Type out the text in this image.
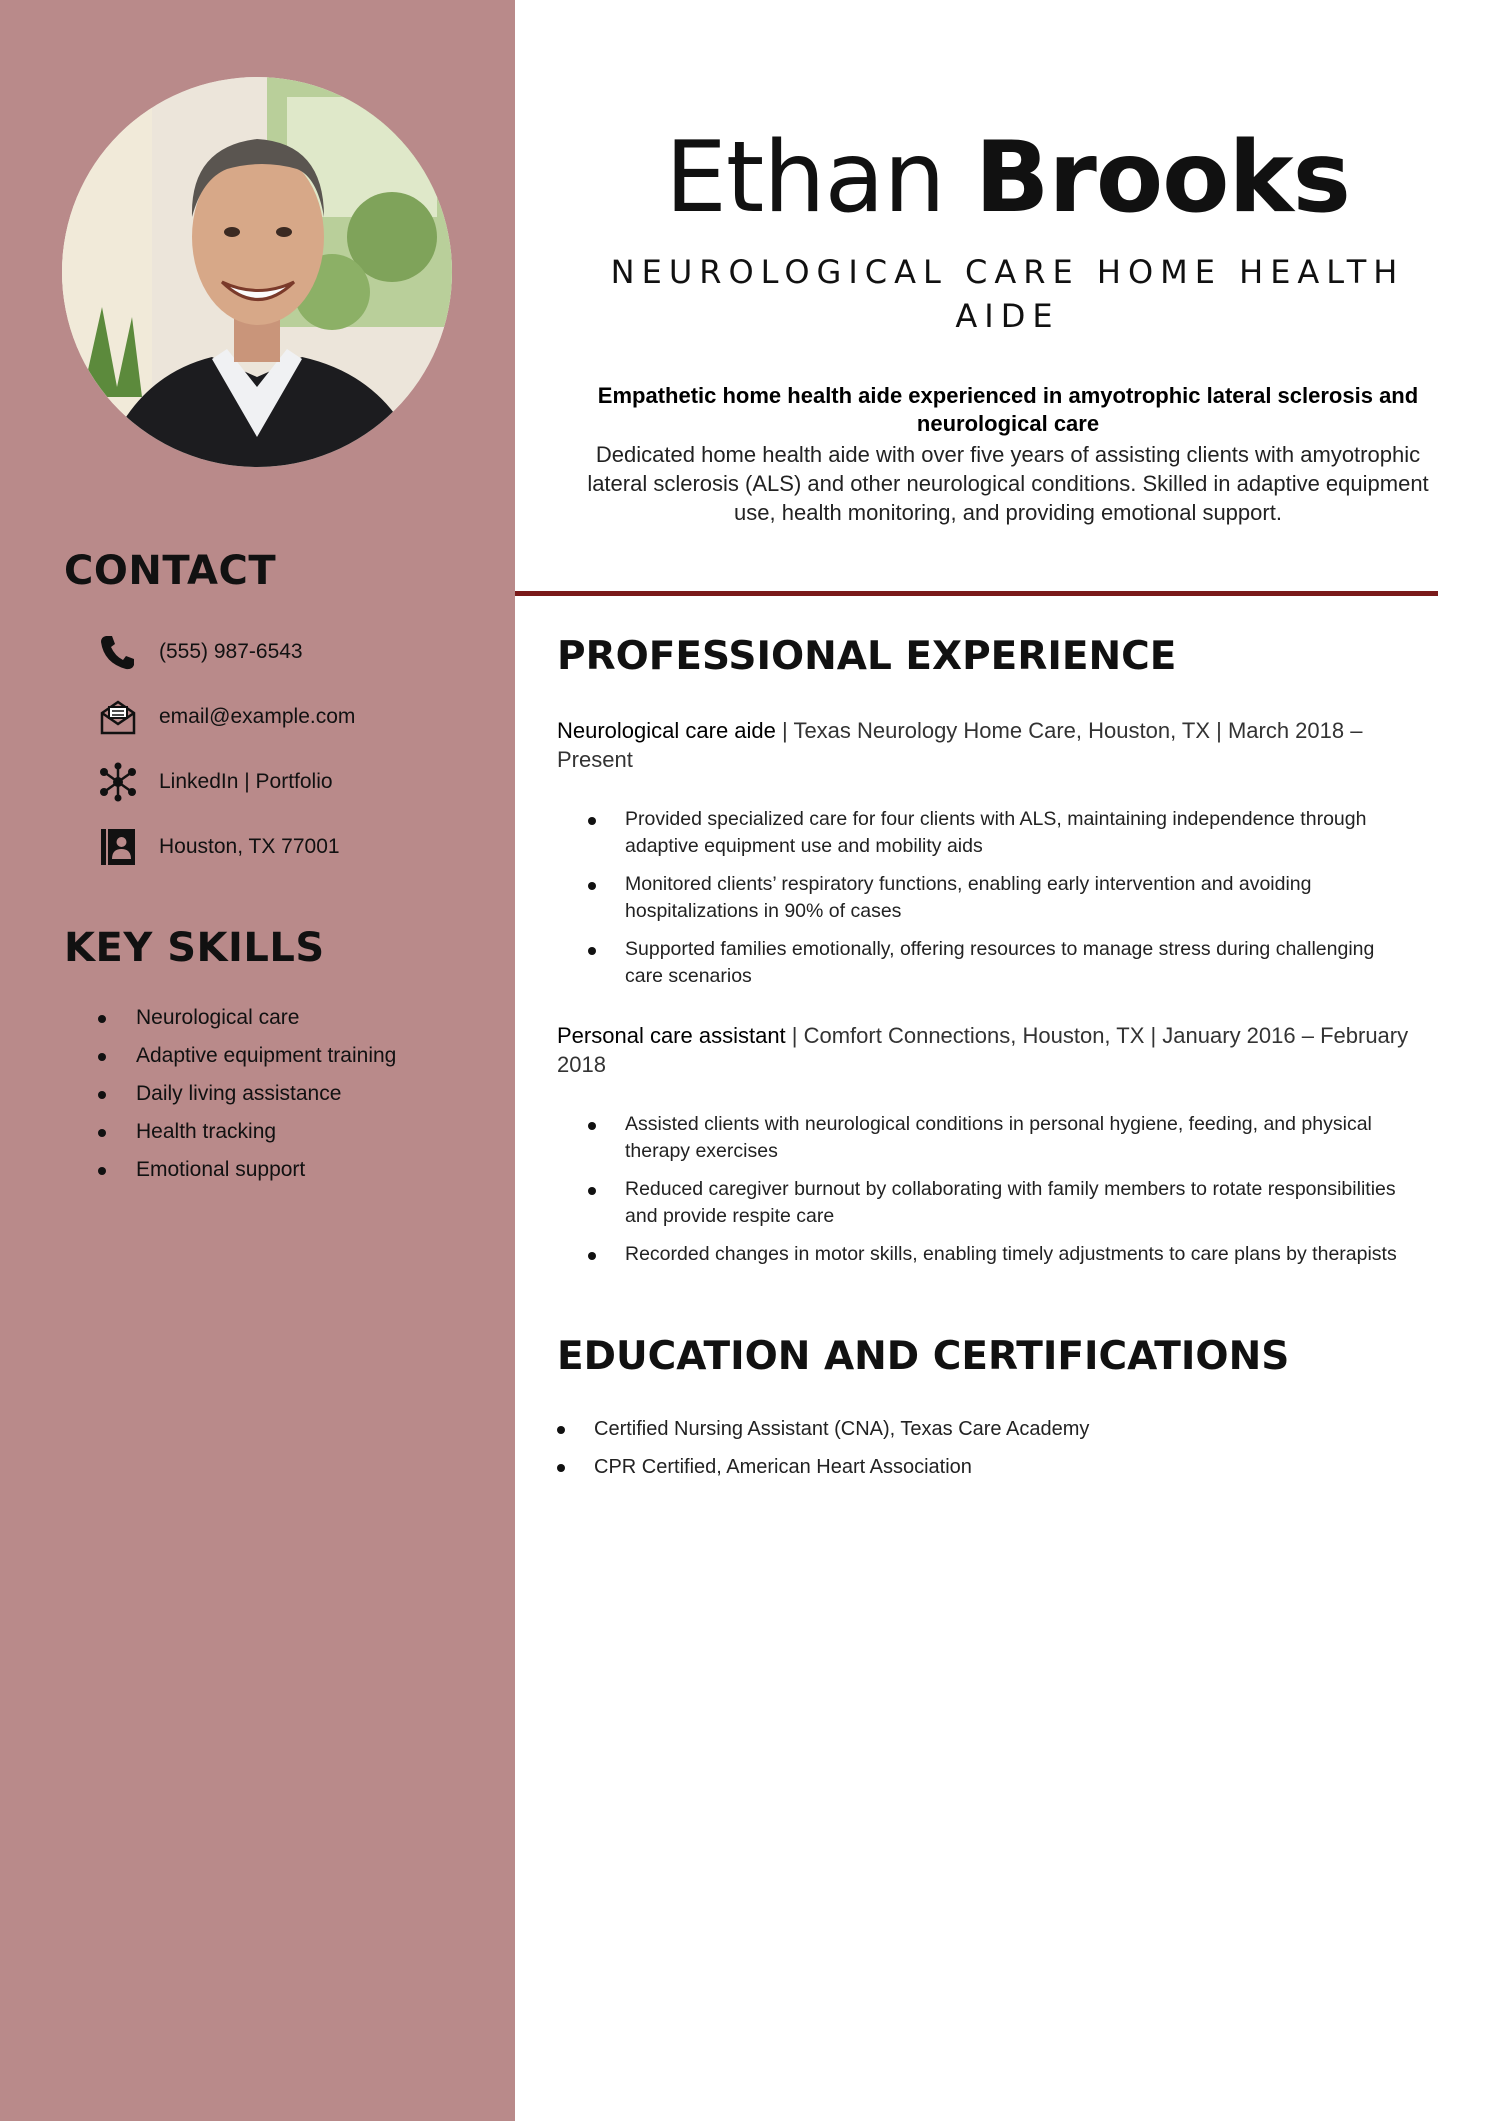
CONTACT
(555) 987-6543
email@example.com
LinkedIn | Portfolio
Houston, TX 77001
KEY SKILLS
Neurological care
Adaptive equipment training
Daily living assistance
Health tracking
Emotional support
Ethan Brooks
NEUROLOGICAL CARE HOME HEALTH AIDE
Empathetic home health aide experienced in amyotrophic lateral sclerosis and neurological care
Dedicated home health aide with over five years of assisting clients with amyotrophic lateral sclerosis (ALS) and other neurological conditions. Skilled in adaptive equipment use, health monitoring, and providing emotional support.
PROFESSIONAL EXPERIENCE
Neurological care aide | Texas Neurology Home Care, Houston, TX | March 2018 – Present
Provided specialized care for four clients with ALS, maintaining independence through adaptive equipment use and mobility aids
Monitored clients’ respiratory functions, enabling early intervention and avoiding hospitalizations in 90% of cases
Supported families emotionally, offering resources to manage stress during challenging care scenarios
Personal care assistant | Comfort Connections, Houston, TX | January 2016 – February 2018
Assisted clients with neurological conditions in personal hygiene, feeding, and physical therapy exercises
Reduced caregiver burnout by collaborating with family members to rotate responsibilities and provide respite care
Recorded changes in motor skills, enabling timely adjustments to care plans by therapists
EDUCATION AND CERTIFICATIONS
Certified Nursing Assistant (CNA), Texas Care Academy
CPR Certified, American Heart Association
